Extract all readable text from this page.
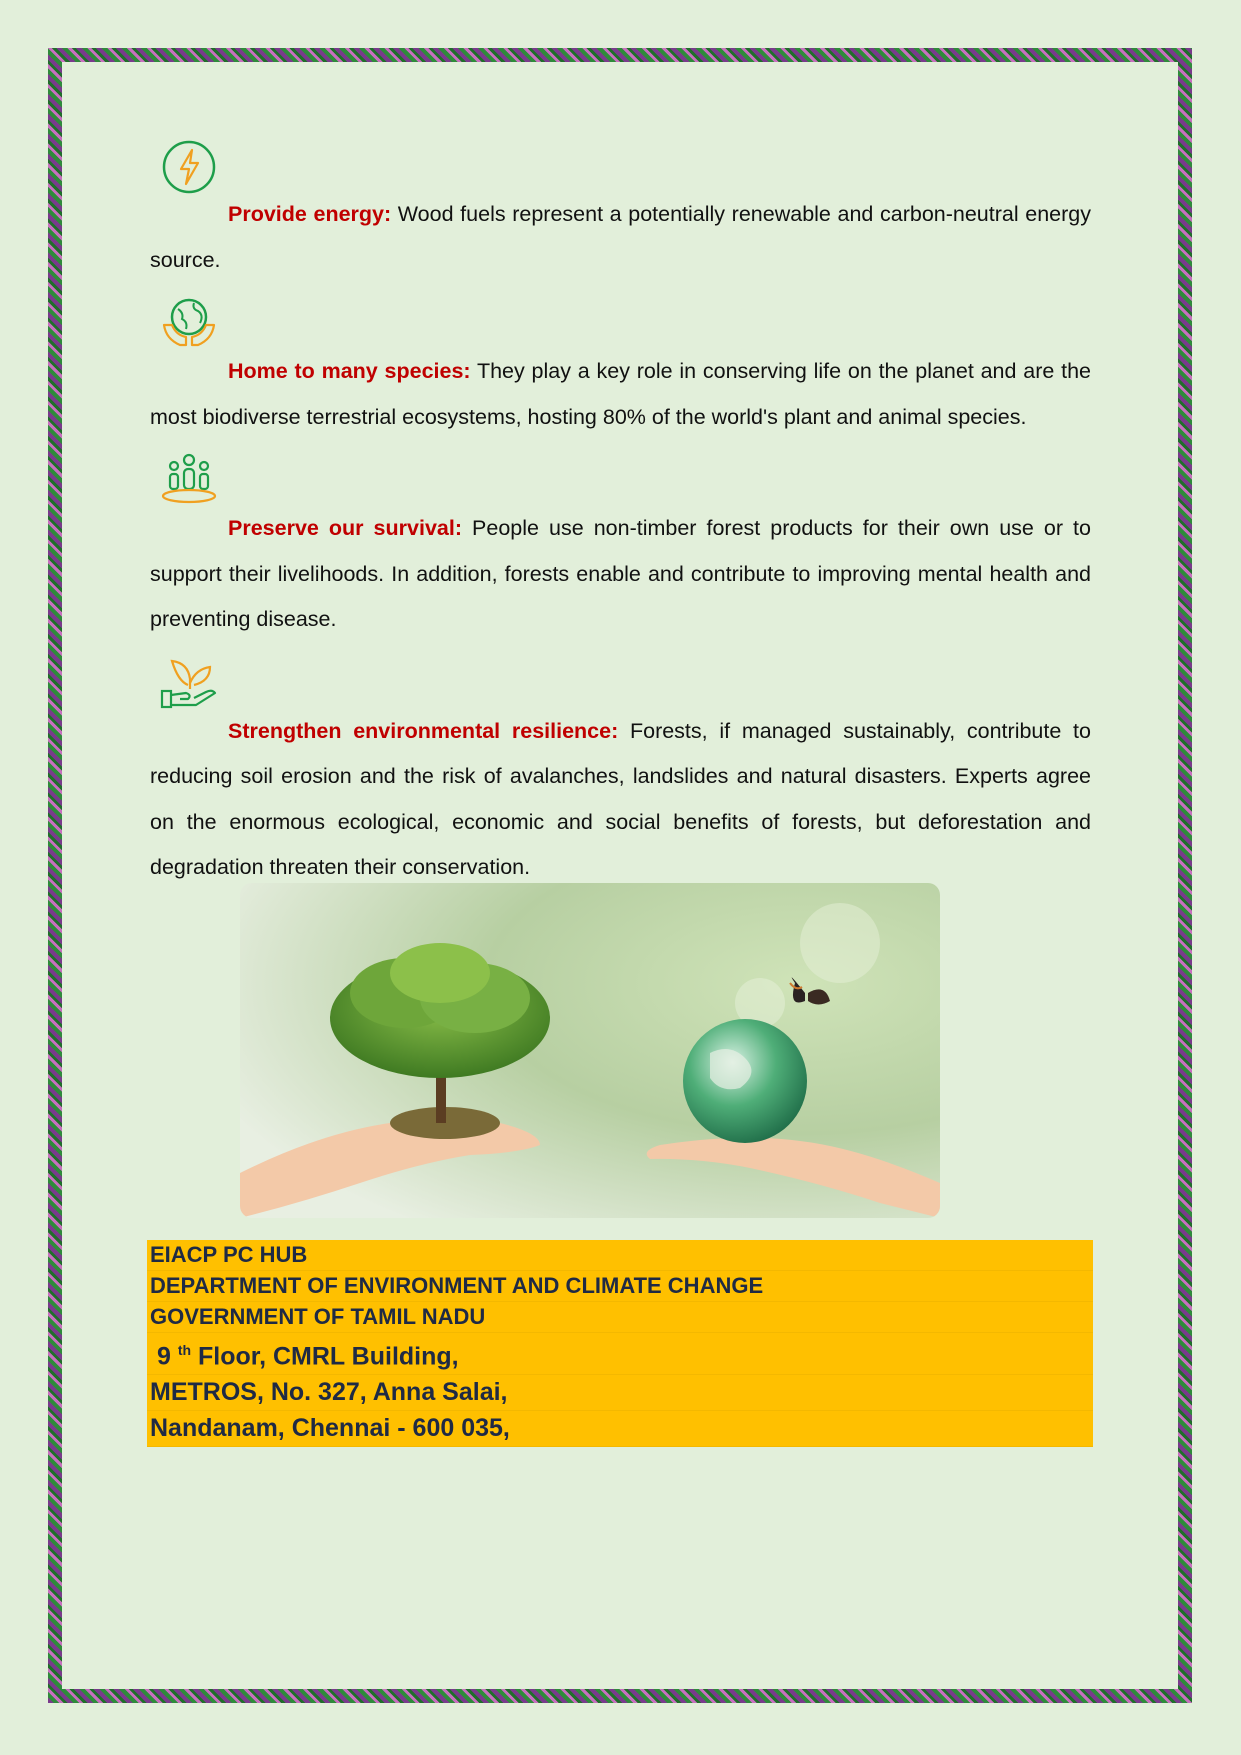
Provide energy: Wood fuels represent a potentially renewable and carbon-neutral energy source.

Home to many species: They play a key role in conserving life on the planet and are the most biodiverse terrestrial ecosystems, hosting 80% of the world's plant and animal species.

Preserve our survival: People use non-timber forest products for their own use or to support their livelihoods. In addition, forests enable and contribute to improving mental health and preventing disease.

Strengthen environmental resilience: Forests, if managed sustainably, contribute to reducing soil erosion and the risk of avalanches, landslides and natural disasters. Experts agree on the enormous ecological, economic and social benefits of forests, but deforestation and degradation threaten their conservation.

EIACP PC HUB
DEPARTMENT OF ENVIRONMENT AND CLIMATE CHANGE
GOVERNMENT OF TAMIL NADU
9 $^{th}$ Floor, CMRL Building,
METROS, No. 327, Anna Salai,
Nandanam, Chennai - 600 035,
